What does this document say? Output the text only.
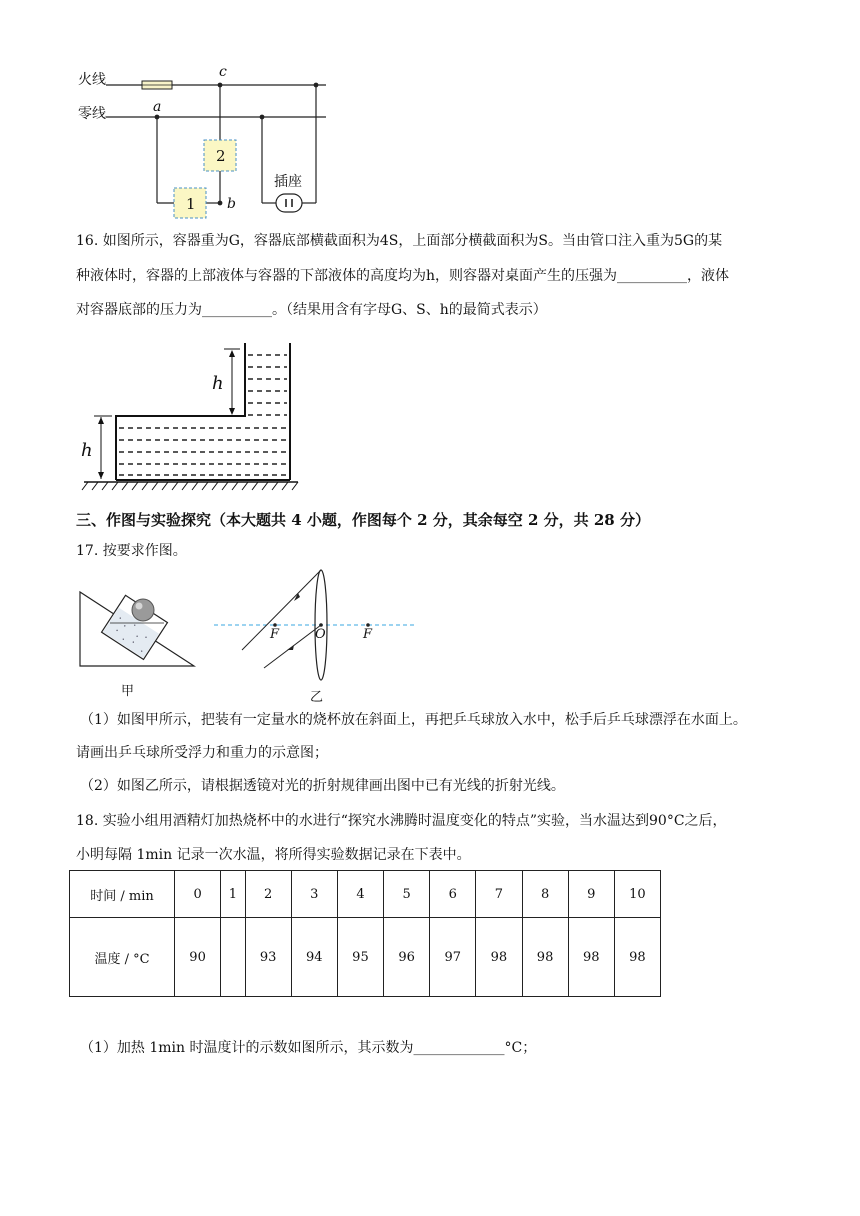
火线
零线
c
a
b
2
1
插座
16. 如图所示，容器重为G，容器底部横截面积为4S，上面部分横截面积为S。当由管口注入重为5G的某
种液体时，容器的上部液体与容器的下部液体的高度均为h，则容器对桌面产生的压强为__________，液体
对容器底部的压力为__________。（结果用含有字母G、S、h的最简式表示）
h
h
三、作图与实验探究（本大题共 4 小题，作图每个 2 分，其余每空 2 分，共 28 分）
17. 按要求作图。
甲
F	O	F
乙
（1）如图甲所示，把装有一定量水的烧杯放在斜面上，再把乒乓球放入水中，松手后乒乓球漂浮在水面上。
请画出乒乓球所受浮力和重力的示意图；
（2）如图乙所示，请根据透镜对光的折射规律画出图中已有光线的折射光线。
18. 实验小组用酒精灯加热烧杯中的水进行“探究水沸腾时温度变化的特点”实验，当水温达到90°C之后，
小明每隔 1min 记录一次水温，将所得实验数据记录在下表中。
时间 / min	0	1	2	3	4	5	6	7	8	9	10
温度 / °C	90		93	94	95	96	97	98	98	98	98
（1）加热 1min 时温度计的示数如图所示，其示数为_____________°C；
